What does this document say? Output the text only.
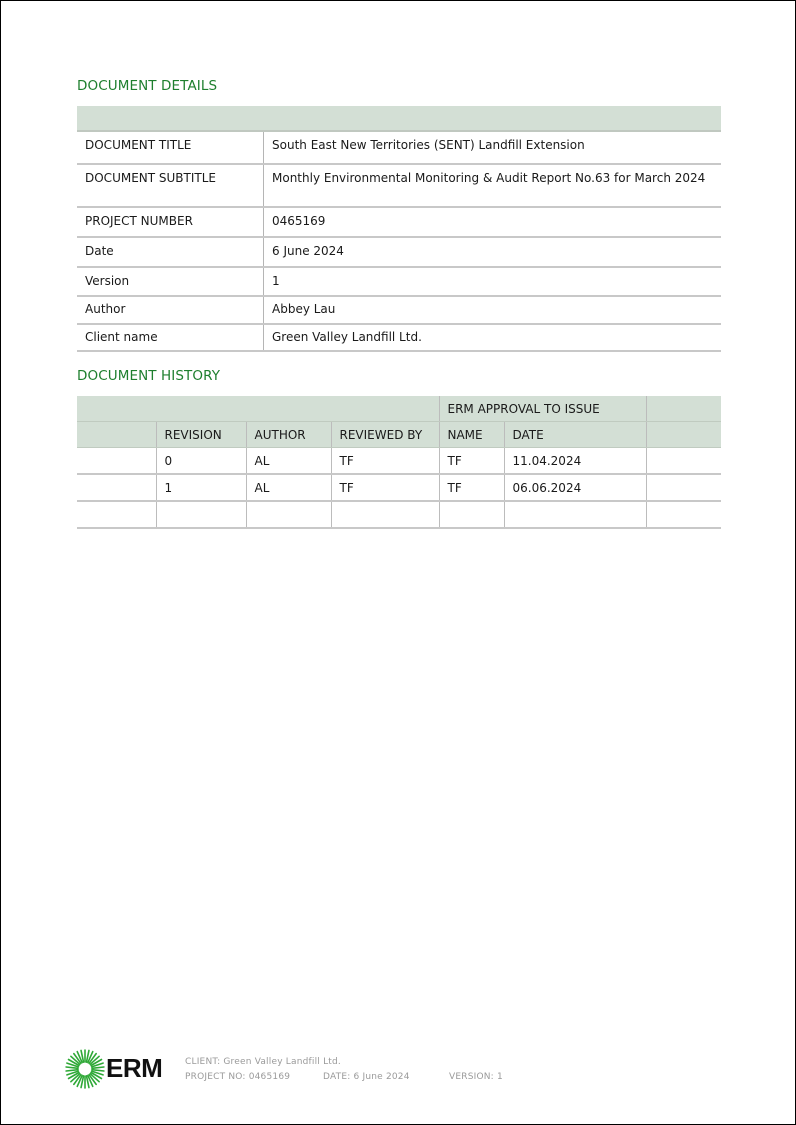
DOCUMENT DETAILS

DOCUMENT TITLE	South East New Territories (SENT) Landfill Extension
DOCUMENT SUBTITLE	Monthly Environmental Monitoring & Audit Report No.63 for March 2024
PROJECT NUMBER	0465169
Date	6 June 2024
Version	1
Author	Abbey Lau
Client name	Green Valley Landfill Ltd.
DOCUMENT HISTORY
				ERM APPROVAL TO ISSUE		
	REVISION	AUTHOR	REVIEWED BY	NAME	DATE	
	0	AL	TF	TF	11.04.2024	
	1	AL	TF	TF	06.06.2024	

ERM	CLIENT: Green Valley Landfill Ltd.
PROJECT NO: 0465169	DATE: 6 June 2024	VERSION: 1
